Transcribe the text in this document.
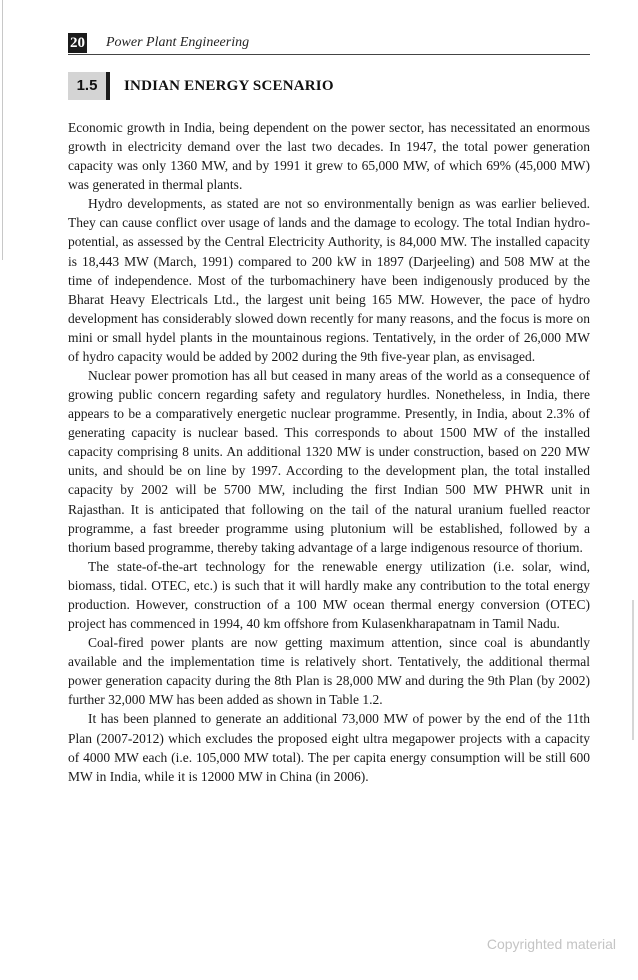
20 Power Plant Engineering
1.5	INDIAN ENERGY SCENARIO

Economic growth in India, being dependent on the power sector, has necessitated an enormous growth in electricity demand over the last two decades. In 1947, the total power generation capacity was only 1360 MW, and by 1991 it grew to 65,000 MW, of which 69% (45,000 MW) was generated in thermal plants.

Hydro developments, as stated are not so environmentally benign as was earlier believed. They can cause conflict over usage of lands and the damage to ecology. The total Indian hydro-potential, as assessed by the Central Electricity Authority, is 84,000 MW. The installed capacity is 18,443 MW (March, 1991) compared to 200 kW in 1897 (Darjeeling) and 508 MW at the time of independence. Most of the turbomachinery have been indigenously produced by the Bharat Heavy Electricals Ltd., the largest unit being 165 MW. However, the pace of hydro development has considerably slowed down recently for many reasons, and the focus is more on mini or small hydel plants in the mountainous regions. Tentatively, in the order of 26,000 MW of hydro capacity would be added by 2002 during the 9th five-year plan, as envisaged.

Nuclear power promotion has all but ceased in many areas of the world as a consequence of growing public concern regarding safety and regulatory hurdles. Nonetheless, in India, there appears to be a comparatively energetic nuclear programme. Presently, in India, about 2.3% of generating capacity is nuclear based. This corresponds to about 1500 MW of the installed capacity comprising 8 units. An additional 1320 MW is under construction, based on 220 MW units, and should be on line by 1997. According to the development plan, the total installed capacity by 2002 will be 5700 MW, including the first Indian 500 MW PHWR unit in Rajasthan. It is anticipated that following on the tail of the natural uranium fuelled reactor programme, a fast breeder programme using plutonium will be established, followed by a thorium based programme, thereby taking advantage of a large indigenous resource of thorium.

The state-of-the-art technology for the renewable energy utilization (i.e. solar, wind, biomass, tidal. OTEC, etc.) is such that it will hardly make any contribution to the total energy production. However, construction of a 100 MW ocean thermal energy conversion (OTEC) project has commenced in 1994, 40 km offshore from Kulasenkharapatnam in Tamil Nadu.

Coal-fired power plants are now getting maximum attention, since coal is abundantly available and the implementation time is relatively short. Tentatively, the additional thermal power generation capacity during the 8th Plan is 28,000 MW and during the 9th Plan (by 2002) further 32,000 MW has been added as shown in Table 1.2.

It has been planned to generate an additional 73,000 MW of power by the end of the 11th Plan (2007-2012) which excludes the proposed eight ultra megapower projects with a capacity of 4000 MW each (i.e. 105,000 MW total). The per capita energy consumption will be still 600 MW in India, while it is 12000 MW in China (in 2006).

Copyrighted material
